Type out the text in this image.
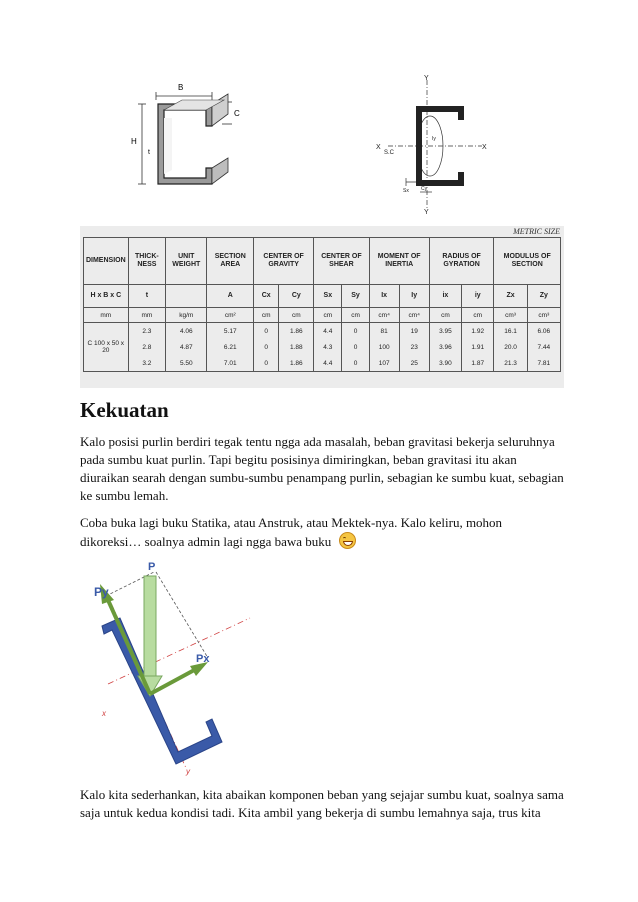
B
H
C
t
Y
Y
X	X
S.C
Iy
Cy
Sx
METRIC SIZE
DIMENSION	THICK-NESS	UNIT WEIGHT	SECTION AREA	CENTER OF GRAVITY		CENTER OF SHEAR		MOMENT OF INERTIA		RADIUS OF GYRATION		MODULUS OF SECTION	
H x B x C	t		A	Cx	Cy	Sx	Sy	Ix	Iy	ix	iy	Zx	Zy
mm	mm	kg/m	cm²	cm	cm	cm	cm	cm⁴	cm⁴	cm	cm	cm³	cm³
C 100 x 50 x 20	2.3	4.06	5.17	0	1.86	4.4	0	81	19	3.95	1.92	16.1	6.06
	2.8	4.87	6.21	0	1.88	4.3	0	100	23	3.96	1.91	20.0	7.44
	3.2	5.50	7.01	0	1.86	4.4	0	107	25	3.90	1.87	21.3	7.81
Kekuatan

Kalo posisi purlin berdiri tegak tentu ngga ada masalah, beban gravitasi bekerja seluruhnya pada sumbu kuat purlin. Tapi begitu posisinya dimiringkan, beban gravitasi itu akan diuraikan searah dengan sumbu-sumbu penampang purlin, sebagian ke sumbu kuat, sebagian ke sumbu lemah.

Coba buka lagi buku Statika, atau Anstruk, atau Mektek-nya. Kalo keliru, mohon dikoreksi… soalnya admin lagi ngga bawa buku

P
Py
Px
x
y

Kalo kita sederhankan, kita abaikan komponen beban yang sejajar sumbu kuat, soalnya sama saja untuk kedua kondisi tadi. Kita ambil yang bekerja di sumbu lemahnya saja, trus kita
